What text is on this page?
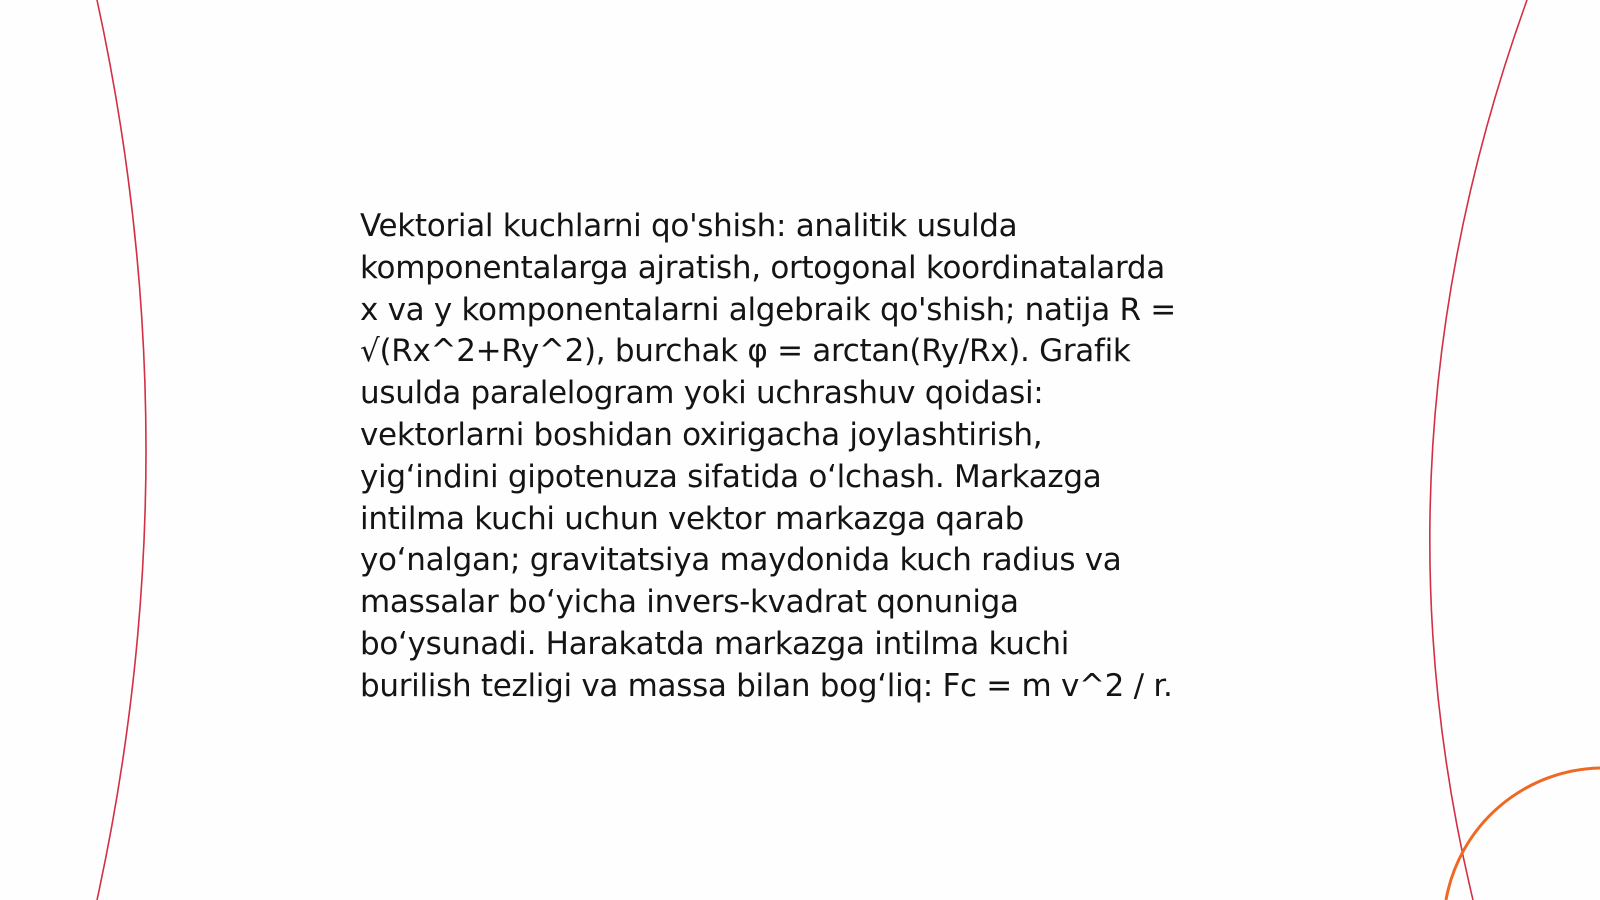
Vektorial kuchlarni qo'shish: analitik usulda
komponentalarga ajratish, ortogonal koordinatalarda
x va y komponentalarni algebraik qo'shish; natija R =
√(Rx^2+Ry^2), burchak φ = arctan(Ry/Rx). Grafik
usulda paralelogram yoki uchrashuv qoidasi:
vektorlarni boshidan oxirigacha joylashtirish,
yig‘indini gipotenuza sifatida o‘lchash. Markazga
intilma kuchi uchun vektor markazga qarab
yo‘nalgan; gravitatsiya maydonida kuch radius va
massalar bo‘yicha invers-kvadrat qonuniga
bo‘ysunadi. Harakatda markazga intilma kuchi
burilish tezligi va massa bilan bog‘liq: Fc = m v^2 / r.
